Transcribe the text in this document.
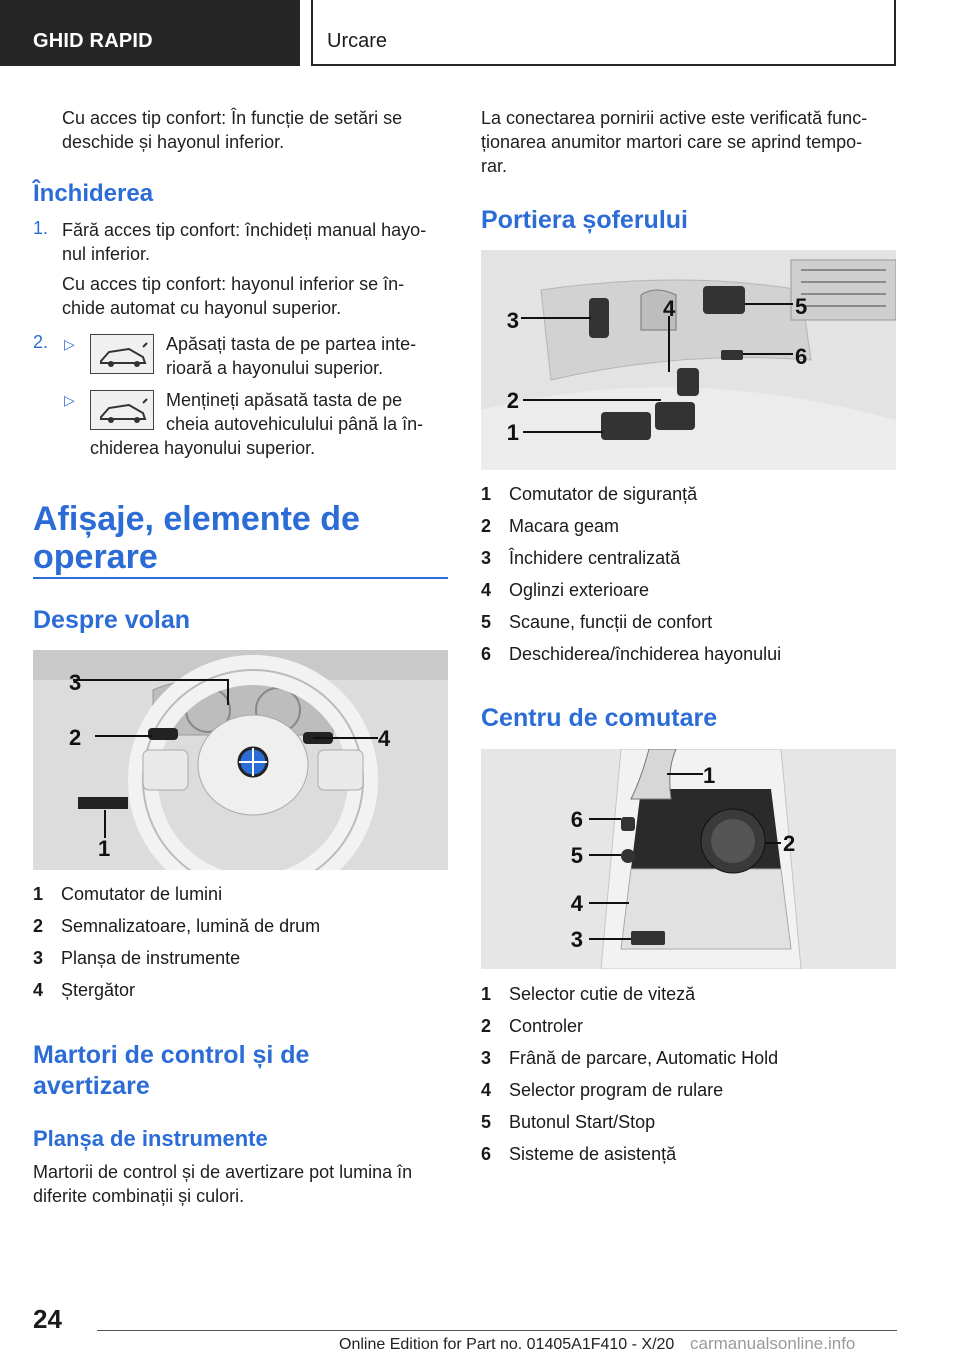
GHID RAPID	Urcare
Cu acces tip confort: În funcție de setări se
deschide și hayonul inferior.
Închiderea
1. Fără acces tip confort: închideți manual hayo-
nul inferior.
Cu acces tip confort: hayonul inferior se în-
chide automat cu hayonul superior.
2. ▷	Apăsați tasta de pe partea inte-
rioară a hayonului superior.
▷	Mențineți apăsată tasta de pe
cheia autovehiculului până la în-
chiderea hayonului superior.
Afișaje, elemente de
operare
Despre volan
3
2	4
1
1 Comutator de lumini
2 Semnalizatoare, lumină de drum
3 Planșa de instrumente
4 Ștergător
Martori de control și de
avertizare
Planșa de instrumente
Martorii de control și de avertizare pot lumina în
diferite combinații și culori.
La conectarea pornirii active este verificată func-
ționarea anumitor martori care se aprind tempo-
rar.
Portiera șoferului
3	4	5
6
2
1
1 Comutator de siguranță
2 Macara geam
3 Închidere centralizată
4 Oglinzi exterioare
5 Scaune, funcții de confort
6 Deschiderea/închiderea hayonului
Centru de comutare
1
6
2
5
4
3
1 Selector cutie de viteză
2 Controler
3 Frână de parcare, Automatic Hold
4 Selector program de rulare
5 Butonul Start/Stop
6 Sisteme de asistență
24
Online Edition for Part no. 01405A1F410 - X/20 carmanualsonline.info
